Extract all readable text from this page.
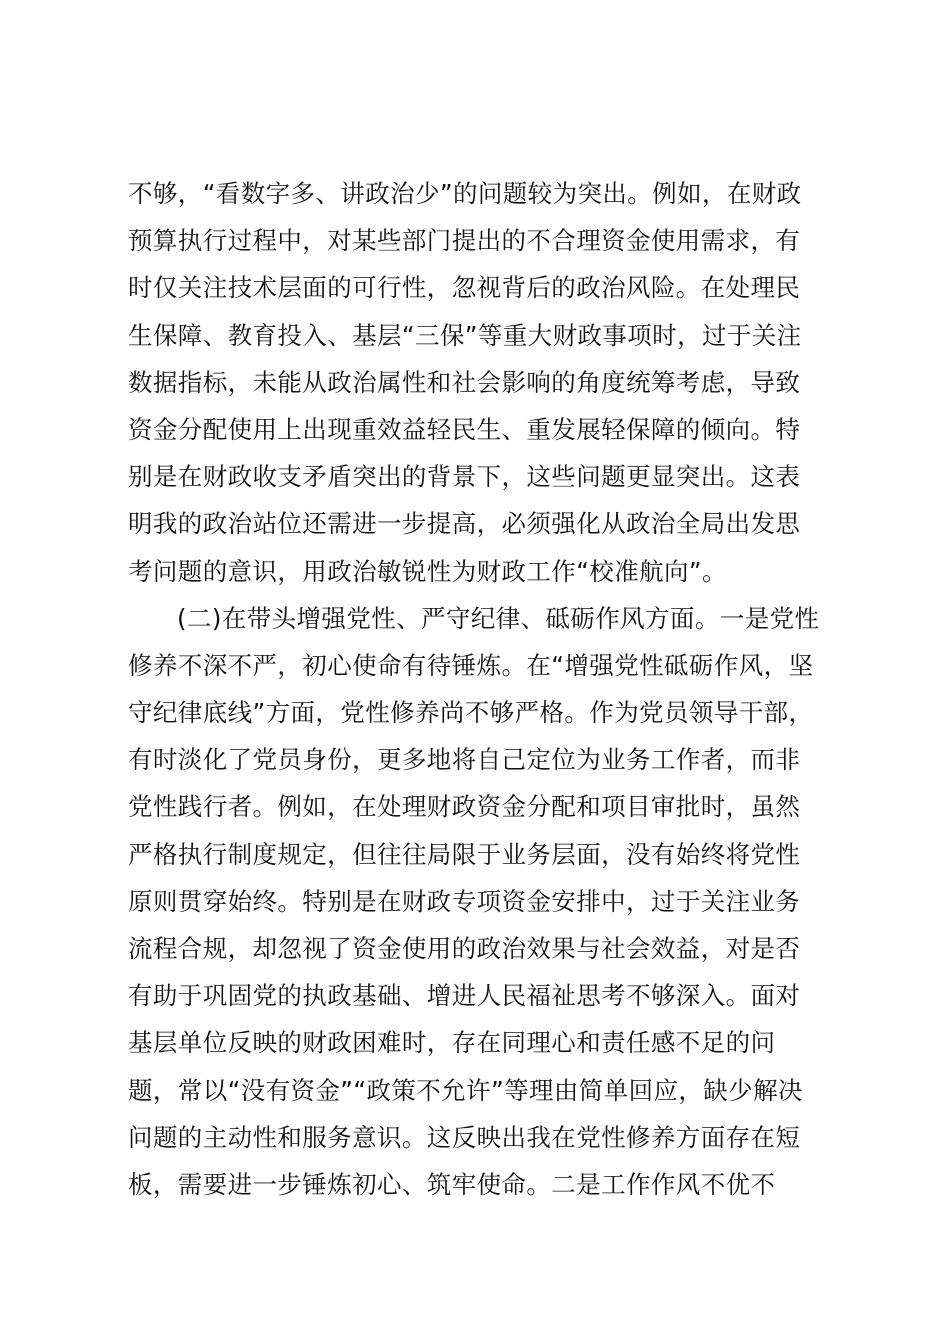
不够，“看数字多、讲政治少”的问题较为突出。例如，在财政
预算执行过程中，对某些部门提出的不合理资金使用需求，有
时仅关注技术层面的可行性，忽视背后的政治风险。在处理民
生保障、教育投入、基层“三保”等重大财政事项时，过于关注
数据指标，未能从政治属性和社会影响的角度统筹考虑，导致
资金分配使用上出现重效益轻民生、重发展轻保障的倾向。特
别是在财政收支矛盾突出的背景下，这些问题更显突出。这表
明我的政治站位还需进一步提高，必须强化从政治全局出发思
考问题的意识，用政治敏锐性为财政工作“校准航向”。
(二)在带头增强党性、严守纪律、砥砺作风方面。一是党性
修养不深不严，初心使命有待锤炼。在“增强党性砥砺作风，坚
守纪律底线”方面，党性修养尚不够严格。作为党员领导干部，
有时淡化了党员身份，更多地将自己定位为业务工作者，而非
党性践行者。例如，在处理财政资金分配和项目审批时，虽然
严格执行制度规定，但往往局限于业务层面，没有始终将党性
原则贯穿始终。特别是在财政专项资金安排中，过于关注业务
流程合规，却忽视了资金使用的政治效果与社会效益，对是否
有助于巩固党的执政基础、增进人民福祉思考不够深入。面对
基层单位反映的财政困难时，存在同理心和责任感不足的问
题，常以“没有资金”“政策不允许”等理由简单回应，缺少解决
问题的主动性和服务意识。这反映出我在党性修养方面存在短
板，需要进一步锤炼初心、筑牢使命。二是工作作风不优不
